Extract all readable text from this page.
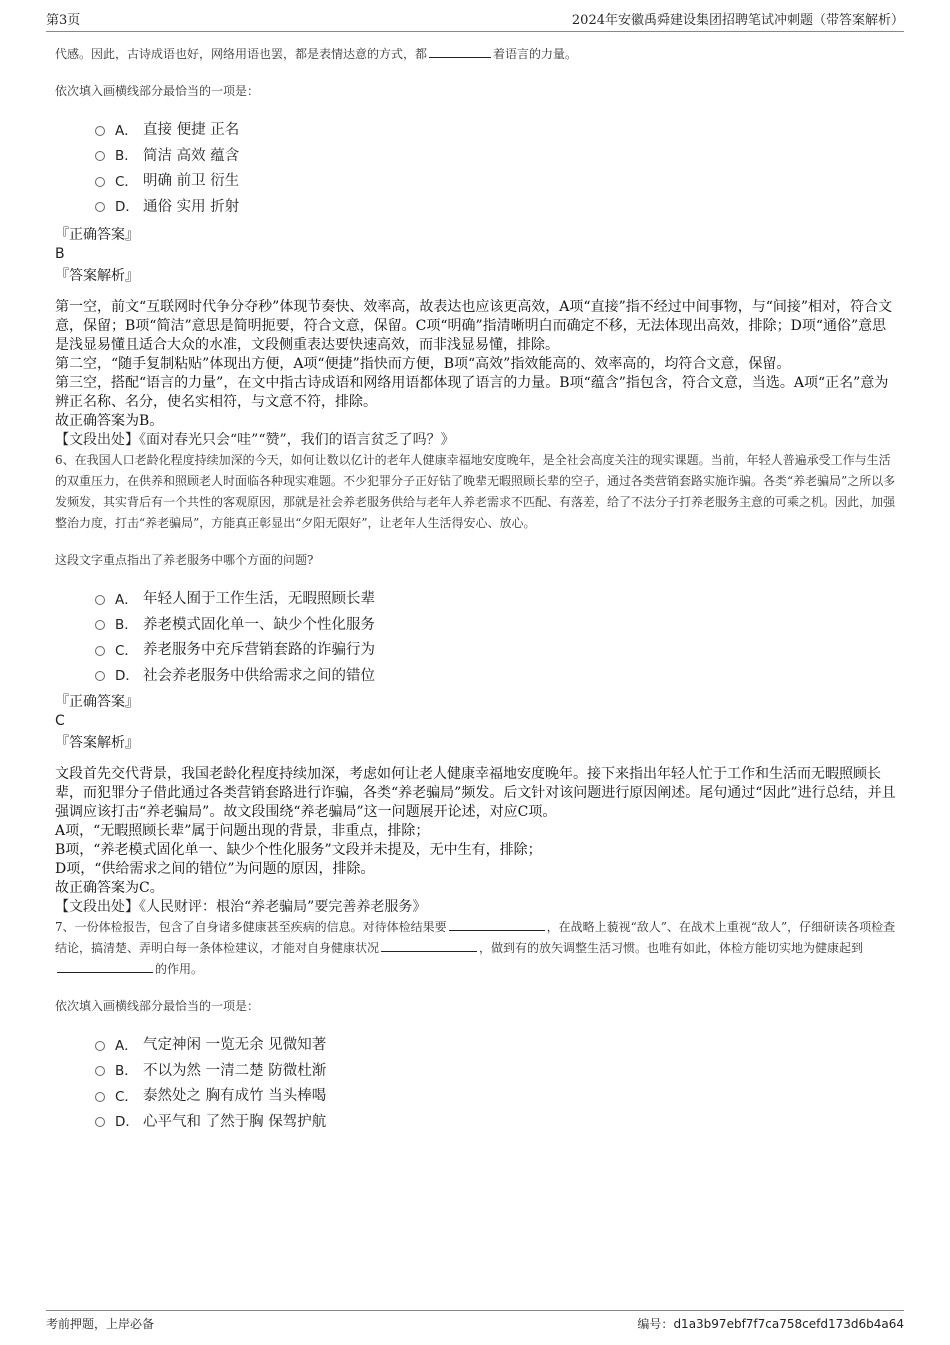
第3页	2024年安徽禹舜建设集团招聘笔试冲刺题（带答案解析）

代感。因此，古诗成语也好，网络用语也罢，都是表情达意的方式，都	着语言的力量。

依次填入画横线部分最恰当的一项是：

A． 直接 便捷 正名
B． 简洁 高效 蕴含
C． 明确 前卫 衍生
D． 通俗 实用 折射

『正确答案』

B

『答案解析』

第一空，前文“互联网时代争分夺秒”体现节奏快、效率高，故表达也应该更高效，A项“直接”指不经过中间事物，与“间接”相对，符合文意，保留；B项“简洁”意思是简明扼要，符合文意，保留。C项“明确”指清晰明白而确定不移，无法体现出高效，排除；D项“通俗”意思是浅显易懂且适合大众的水准，文段侧重表达要快速高效，而非浅显易懂，排除。

第二空，“随手复制粘贴”体现出方便，A项“便捷”指快而方便，B项“高效”指效能高的、效率高的，均符合文意，保留。

第三空，搭配“语言的力量”，在文中指古诗成语和网络用语都体现了语言的力量。B项“蕴含”指包含，符合文意，当选。A项“正名”意为辨正名称、名分，使名实相符，与文意不符，排除。

故正确答案为B。

【文段出处】《面对春光只会“哇”“赞”，我们的语言贫乏了吗？》

6、在我国人口老龄化程度持续加深的今天，如何让数以亿计的老年人健康幸福地安度晚年，是全社会高度关注的现实课题。当前，年轻人普遍承受工作与生活的双重压力，在供养和照顾老人时面临各种现实难题。不少犯罪分子正好钻了晚辈无暇照顾长辈的空子，通过各类营销套路实施诈骗。各类“养老骗局”之所以多发频发，其实背后有一个共性的客观原因，那就是社会养老服务供给与老年人养老需求不匹配、有落差，给了不法分子打养老服务主意的可乘之机。因此，加强整治力度，打击“养老骗局”，方能真正彰显出“夕阳无限好”，让老年人生活得安心、放心。

这段文字重点指出了养老服务中哪个方面的问题?

A． 年轻人囿于工作生活，无暇照顾长辈
B． 养老模式固化单一、缺少个性化服务
C． 养老服务中充斥营销套路的诈骗行为
D． 社会养老服务中供给需求之间的错位

『正确答案』

C

『答案解析』

文段首先交代背景，我国老龄化程度持续加深，考虑如何让老人健康幸福地安度晚年。接下来指出年轻人忙于工作和生活而无暇照顾长辈，而犯罪分子借此通过各类营销套路进行诈骗，各类“养老骗局”频发。后文针对该问题进行原因阐述。尾句通过“因此”进行总结，并且强调应该打击“养老骗局”。故文段围绕“养老骗局”这一问题展开论述，对应C项。

A项，“无暇照顾长辈”属于问题出现的背景，非重点，排除；

B项，“养老模式固化单一、缺少个性化服务”文段并未提及，无中生有，排除；

D项，“供给需求之间的错位”为问题的原因，排除。

故正确答案为C。

【文段出处】《人民财评：根治“养老骗局”要完善养老服务》

7、一份体检报告，包含了自身诸多健康甚至疾病的信息。对待体检结果要	，在战略上藐视“敌人”、在战术上重视“敌人”，仔细研读各项检查结论，搞清楚、弄明白每一条体检建议，才能对自身健康状况	，做到有的放矢调整生活习惯。也唯有如此，体检方能切实地为健康起到的作用。

依次填入画横线部分最恰当的一项是：

A． 气定神闲 一览无余 见微知著
B． 不以为然 一清二楚 防微杜渐
C． 泰然处之 胸有成竹 当头棒喝
D． 心平气和 了然于胸 保驾护航
考前押题，上岸必备	编号：d1a3b97ebf7f7ca758cefd173d6b4a64
